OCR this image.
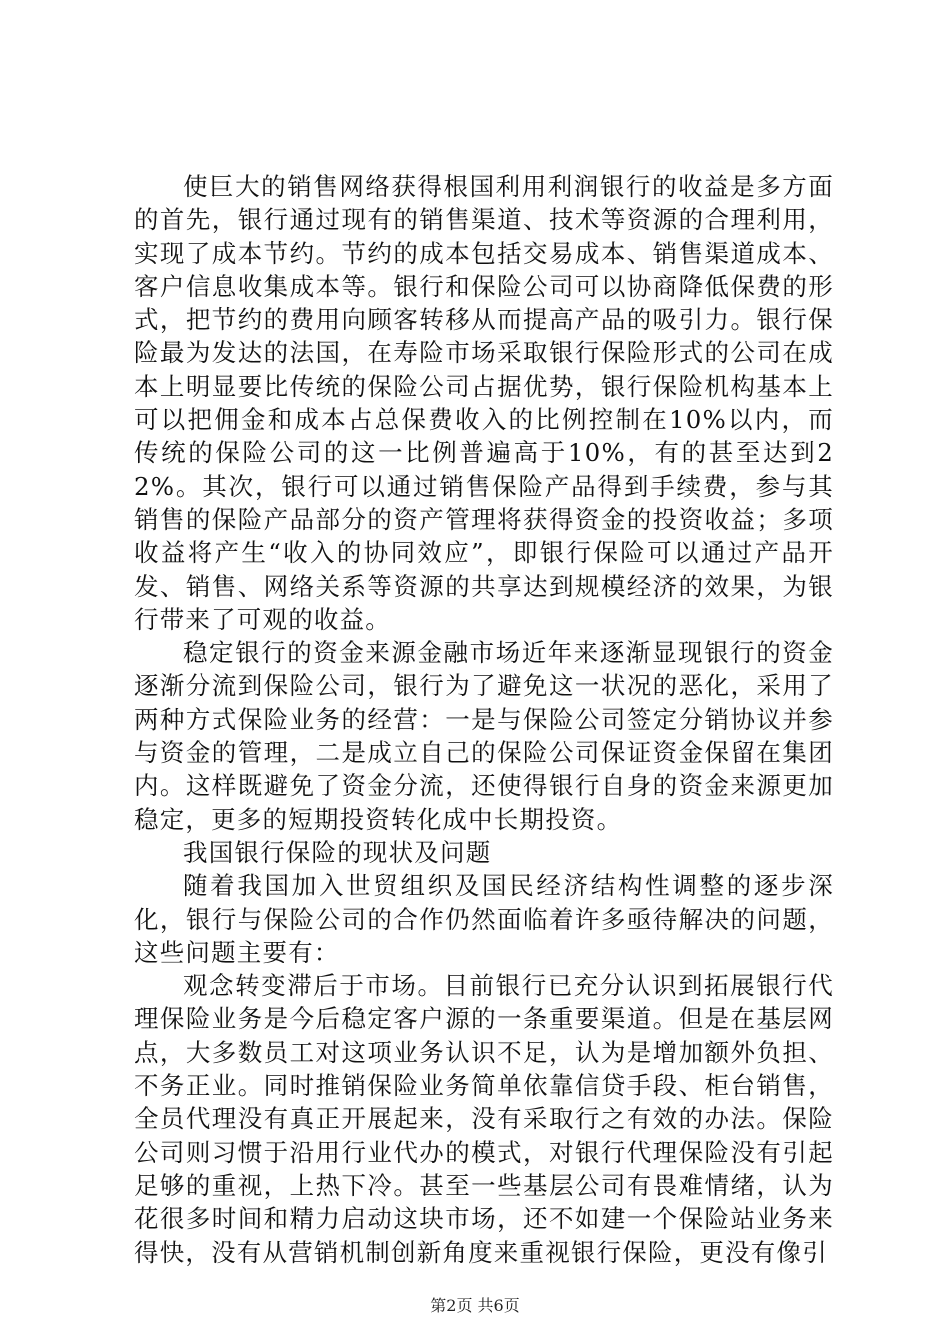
使巨大的销售网络获得根国利用利润银行的收益是多方面的首先，银行通过现有的销售渠道、技术等资源的合理利用，实现了成本节约。节约的成本包括交易成本、销售渠道成本、客户信息收集成本等。银行和保险公司可以协商降低保费的形式，把节约的费用向顾客转移从而提高产品的吸引力。银行保险最为发达的法国，在寿险市场采取银行保险形式的公司在成本上明显要比传统的保险公司占据优势，银行保险机构基本上可以把佣金和成本占总保费收入的比例控制在10%以内，而传统的保险公司的这一比例普遍高于10%，有的甚至达到22%。其次，银行可以通过销售保险产品得到手续费，参与其销售的保险产品部分的资产管理将获得资金的投资收益；多项收益将产生“收入的协同效应”，即银行保险可以通过产品开发、销售、网络关系等资源的共享达到规模经济的效果，为银行带来了可观的收益。

稳定银行的资金来源金融市场近年来逐渐显现银行的资金逐渐分流到保险公司，银行为了避免这一状况的恶化，采用了两种方式保险业务的经营：一是与保险公司签定分销协议并参与资金的管理，二是成立自己的保险公司保证资金保留在集团内。这样既避免了资金分流，还使得银行自身的资金来源更加稳定，更多的短期投资转化成中长期投资。

我国银行保险的现状及问题

随着我国加入世贸组织及国民经济结构性调整的逐步深化，银行与保险公司的合作仍然面临着许多亟待解决的问题，这些问题主要有：

观念转变滞后于市场。目前银行已充分认识到拓展银行代理保险业务是今后稳定客户源的一条重要渠道。但是在基层网点，大多数员工对这项业务认识不足，认为是增加额外负担、不务正业。同时推销保险业务简单依靠信贷手段、柜台销售，全员代理没有真正开展起来，没有采取行之有效的办法。保险公司则习惯于沿用行业代办的模式，对银行代理保险没有引起足够的重视，上热下冷。甚至一些基层公司有畏难情绪，认为花很多时间和精力启动这块市场，还不如建一个保险站业务来得快，没有从营销机制创新角度来重视银行保险，更没有像引

第2页 共6页
